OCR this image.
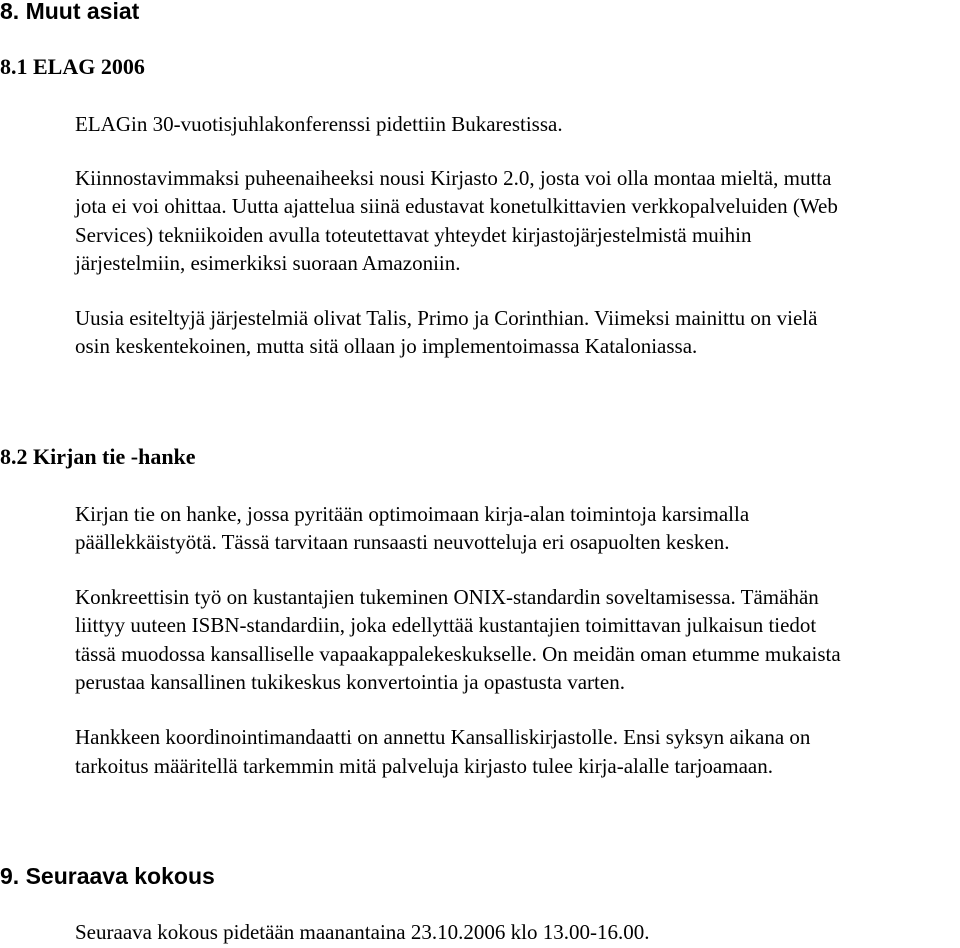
8. Muut asiat
8.1 ELAG 2006

ELAGin 30-vuotisjuhlakonferenssi pidettiin Bukarestissa.

Kiinnostavimmaksi puheenaiheeksi nousi Kirjasto 2.0, josta voi olla montaa mieltä, mutta

jota ei voi ohittaa. Uutta ajattelua siinä edustavat konetulkittavien verkkopalveluiden (Web

Services) tekniikoiden avulla toteutettavat yhteydet kirjastojärjestelmistä muihin

järjestelmiin, esimerkiksi suoraan Amazoniin.

Uusia esiteltyjä järjestelmiä olivat Talis, Primo ja Corinthian. Viimeksi mainittu on vielä

osin keskentekoinen, mutta sitä ollaan jo implementoimassa Kataloniassa.

8.2 Kirjan tie -hanke

Kirjan tie on hanke, jossa pyritään optimoimaan kirja-alan toimintoja karsimalla

päällekkäistyötä. Tässä tarvitaan runsaasti neuvotteluja eri osapuolten kesken.

Konkreettisin työ on kustantajien tukeminen ONIX-standardin soveltamisessa. Tämähän

liittyy uuteen ISBN-standardiin, joka edellyttää kustantajien toimittavan julkaisun tiedot

tässä muodossa kansalliselle vapaakappalekeskukselle. On meidän oman etumme mukaista

perustaa kansallinen tukikeskus konvertointia ja opastusta varten.

Hankkeen koordinointimandaatti on annettu Kansalliskirjastolle. Ensi syksyn aikana on

tarkoitus määritellä tarkemmin mitä palveluja kirjasto tulee kirja-alalle tarjoamaan.

9. Seuraava kokous

Seuraava kokous pidetään maanantaina 23.10.2006 klo 13.00-16.00.
